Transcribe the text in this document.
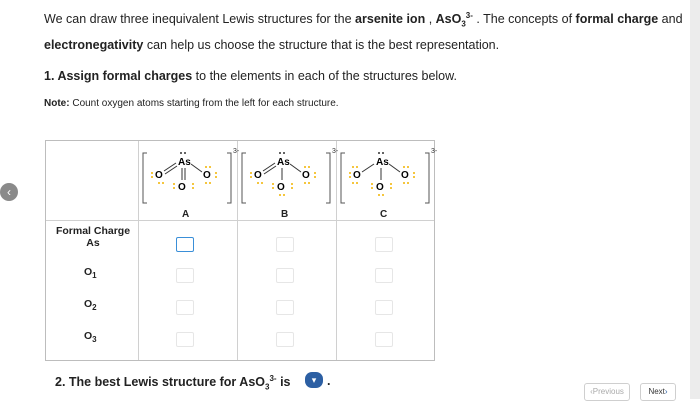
We can draw three inequivalent Lewis structures for the arsenite ion , AsO$_3^{3-}$ . The concepts of formal charge and
electronegativity can help us choose the structure that is the best representation.
1. Assign formal charges to the elements in each of the structures below.
Note: Count oxygen atoms starting from the left for each structure.
‹
3-
As
O
O
O
A
3-
As
O
O
O
B
3-
As
O
O
O
C
Formal Charge
As
$O_1$
$O_2$
$O_3$
2. The best Lewis structure for AsO$_3^{3-}$ is	▾ .
‹Previous	Next›
